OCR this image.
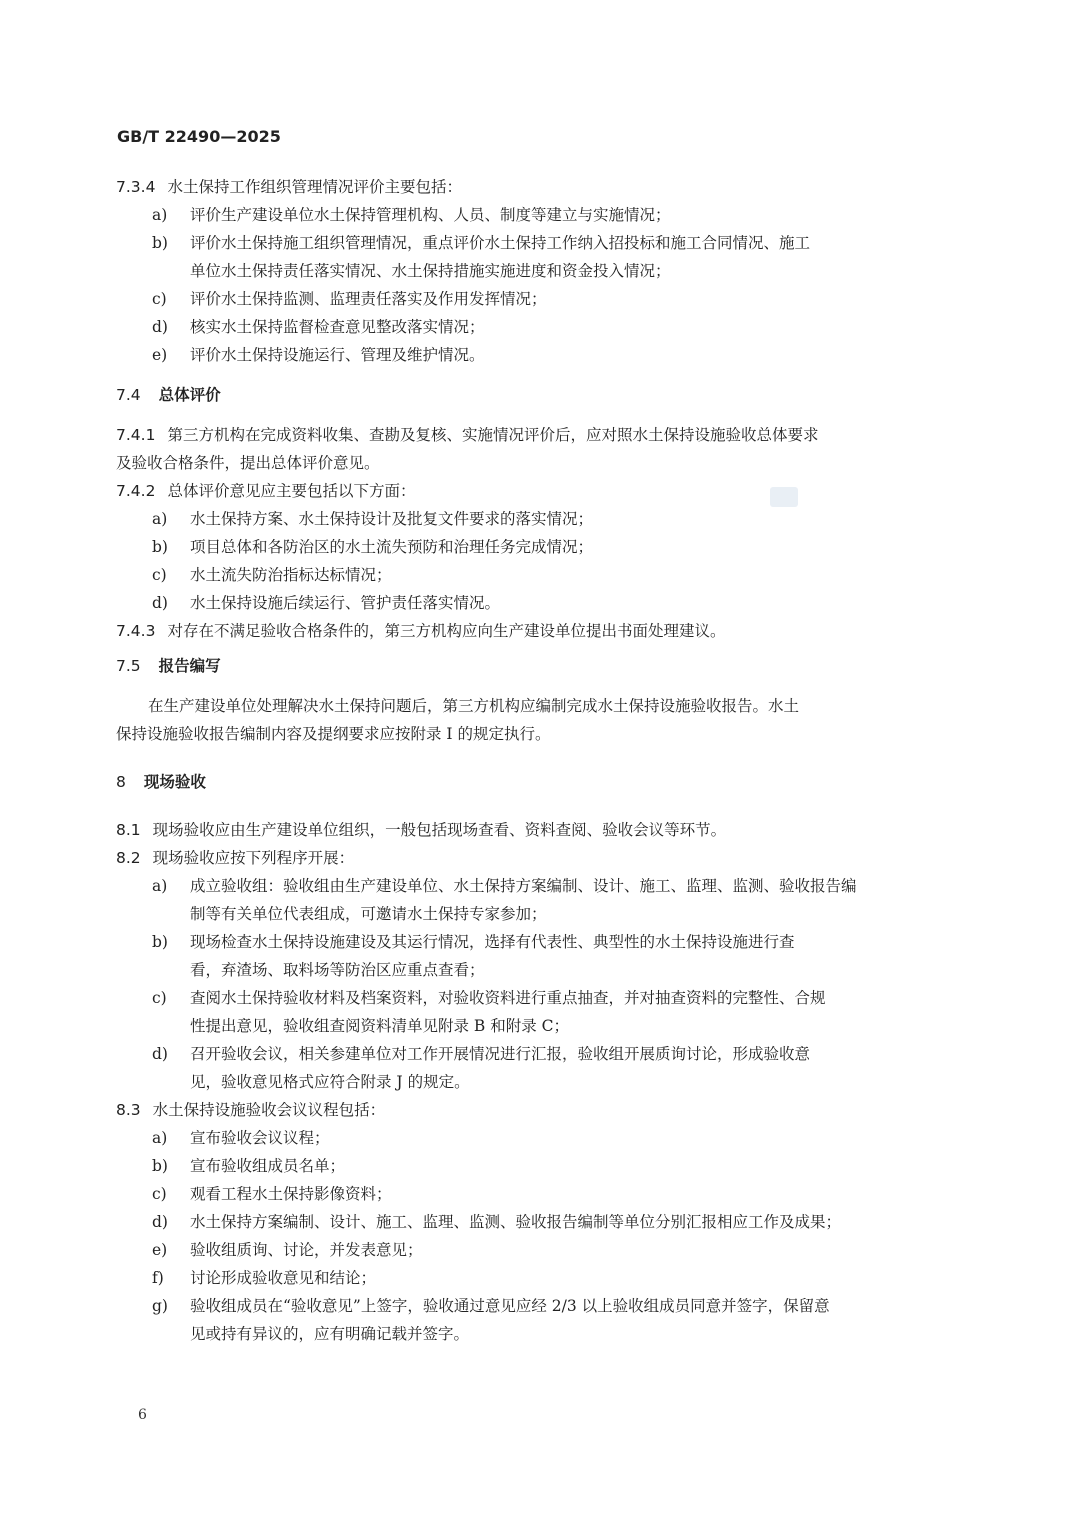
GB/T 22490—2025
7.3.4 水土保持工作组织管理情况评价主要包括：
a) 评价生产建设单位水土保持管理机构、人员、制度等建立与实施情况；
b) 评价水土保持施工组织管理情况，重点评价水土保持工作纳入招投标和施工合同情况、施工
单位水土保持责任落实情况、水土保持措施实施进度和资金投入情况；
c) 评价水土保持监测、监理责任落实及作用发挥情况；
d) 核实水土保持监督检查意见整改落实情况；
e) 评价水土保持设施运行、管理及维护情况。
7.4 总体评价
7.4.1 第三方机构在完成资料收集、查勘及复核、实施情况评价后，应对照水土保持设施验收总体要求
及验收合格条件，提出总体评价意见。
7.4.2 总体评价意见应主要包括以下方面：
a) 水土保持方案、水土保持设计及批复文件要求的落实情况；
b) 项目总体和各防治区的水土流失预防和治理任务完成情况；
c) 水土流失防治指标达标情况；
d) 水土保持设施后续运行、管护责任落实情况。
7.4.3 对存在不满足验收合格条件的，第三方机构应向生产建设单位提出书面处理建议。
7.5 报告编写
在生产建设单位处理解决水土保持问题后，第三方机构应编制完成水土保持设施验收报告。水土
保持设施验收报告编制内容及提纲要求应按附录 I 的规定执行。
8 现场验收
8.1 现场验收应由生产建设单位组织，一般包括现场查看、资料查阅、验收会议等环节。
8.2 现场验收应按下列程序开展：
a) 成立验收组：验收组由生产建设单位、水土保持方案编制、设计、施工、监理、监测、验收报告编
制等有关单位代表组成，可邀请水土保持专家参加；
b) 现场检查水土保持设施建设及其运行情况，选择有代表性、典型性的水土保持设施进行查
看，弃渣场、取料场等防治区应重点查看；
c) 查阅水土保持验收材料及档案资料，对验收资料进行重点抽查，并对抽查资料的完整性、合规
性提出意见，验收组查阅资料清单见附录 B 和附录 C；
d) 召开验收会议，相关参建单位对工作开展情况进行汇报，验收组开展质询讨论，形成验收意
见，验收意见格式应符合附录 J 的规定。
8.3 水土保持设施验收会议议程包括：
a) 宣布验收会议议程；
b) 宣布验收组成员名单；
c) 观看工程水土保持影像资料；
d) 水土保持方案编制、设计、施工、监理、监测、验收报告编制等单位分别汇报相应工作及成果；
e) 验收组质询、讨论，并发表意见；
f) 讨论形成验收意见和结论；
g) 验收组成员在“验收意见”上签字，验收通过意见应经 2/3 以上验收组成员同意并签字，保留意
见或持有异议的，应有明确记载并签字。
6
